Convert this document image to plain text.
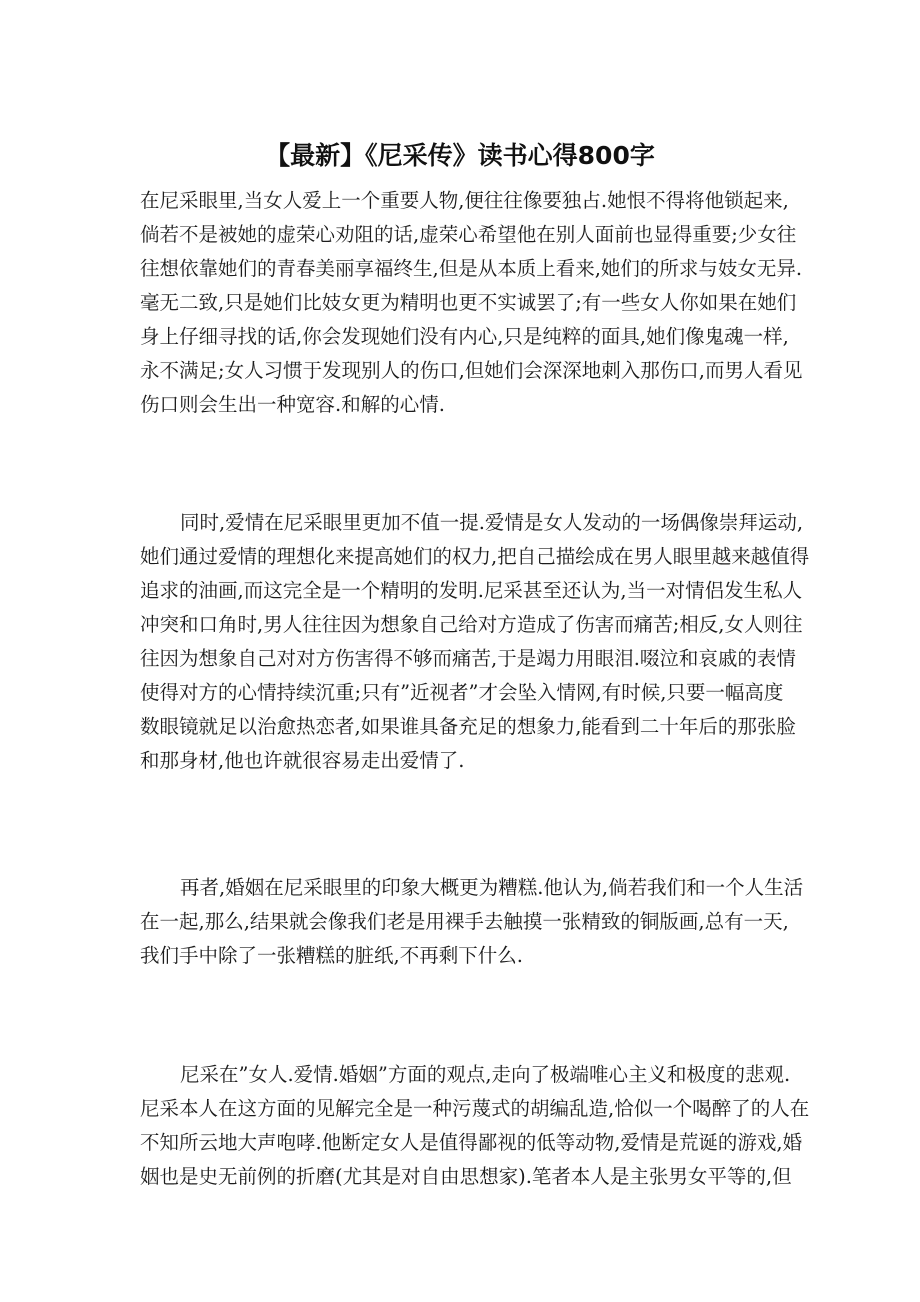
【最新】《尼采传》读书心得800字
在尼采眼里,当女人爱上一个重要人物,便往往像要独占.她恨不得将他锁起来,
倘若不是被她的虚荣心劝阻的话,虚荣心希望他在别人面前也显得重要;少女往
往想依靠她们的青春美丽享福终生,但是从本质上看来,她们的所求与妓女无异.
毫无二致,只是她们比妓女更为精明也更不实诚罢了;有一些女人你如果在她们
身上仔细寻找的话,你会发现她们没有内心,只是纯粹的面具,她们像鬼魂一样,
永不满足;女人习惯于发现别人的伤口,但她们会深深地刺入那伤口,而男人看见
伤口则会生出一种宽容.和解的心情.
同时,爱情在尼采眼里更加不值一提.爱情是女人发动的一场偶像崇拜运动,
她们通过爱情的理想化来提高她们的权力,把自己描绘成在男人眼里越来越值得
追求的油画,而这完全是一个精明的发明.尼采甚至还认为,当一对情侣发生私人
冲突和口角时,男人往往因为想象自己给对方造成了伤害而痛苦;相反,女人则往
往因为想象自己对对方伤害得不够而痛苦,于是竭力用眼泪.啜泣和哀戚的表情
使得对方的心情持续沉重;只有”近视者”才会坠入情网,有时候,只要一幅高度
数眼镜就足以治愈热恋者,如果谁具备充足的想象力,能看到二十年后的那张脸
和那身材,他也许就很容易走出爱情了.
再者,婚姻在尼采眼里的印象大概更为糟糕.他认为,倘若我们和一个人生活
在一起,那么,结果就会像我们老是用裸手去触摸一张精致的铜版画,总有一天,
我们手中除了一张糟糕的脏纸,不再剩下什么.
尼采在”女人.爱情.婚姻”方面的观点,走向了极端唯心主义和极度的悲观.
尼采本人在这方面的见解完全是一种污蔑式的胡编乱造,恰似一个喝醉了的人在
不知所云地大声咆哮.他断定女人是值得鄙视的低等动物,爱情是荒诞的游戏,婚
姻也是史无前例的折磨(尤其是对自由思想家).笔者本人是主张男女平等的,但
